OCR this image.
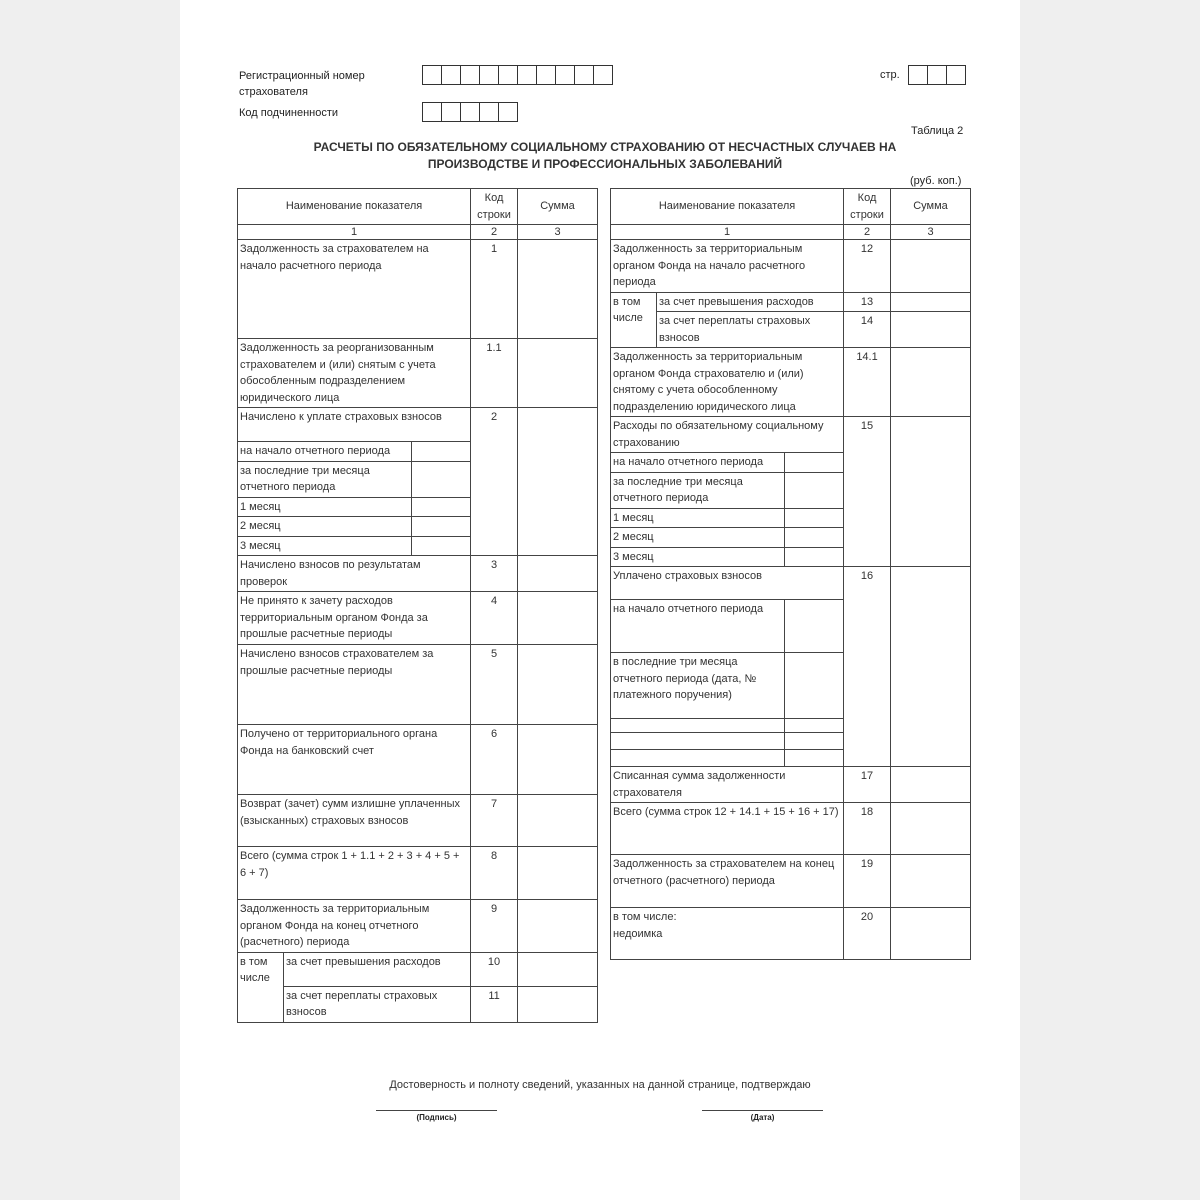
Регистрационный номер
страхователя
Код подчиненности
стр.
Таблица 2
РАСЧЕТЫ ПО ОБЯЗАТЕЛЬНОМУ СОЦИАЛЬНОМУ СТРАХОВАНИЮ ОТ НЕСЧАСТНЫХ СЛУЧАЕВ НА ПРОИЗВОДСТВЕ И ПРОФЕССИОНАЛЬНЫХ ЗАБОЛЕВАНИЙ
(руб. коп.)
Наименование показателя			Код строки	Сумма
1			2	3
Задолженность за страхователем на начало расчетного периода			1	
Задолженность за реорганизованным страхователем и (или) снятым с учета обособленным подразделением юридического лица			1.1	
Начислено к уплате страховых взносов			2	
на начало отчетного периода				
за последние три месяца отчетного периода				
1 месяц				
2 месяц				
3 месяц				
Начислено взносов по результатам проверок			3	
Не принято к зачету расходов территориальным органом Фонда за прошлые расчетные периоды			4	
Начислено взносов страхователем за прошлые расчетные периоды			5	
Получено от территориального органа Фонда на банковский счет			6	
Возврат (зачет) сумм излишне уплаченных (взысканных) страховых взносов			7	
Всего (сумма строк 1 + 1.1 + 2 + 3 + 4 + 5 + 6 + 7)			8	
Задолженность за территориальным органом Фонда на конец отчетного (расчетного) периода			9	
в том числе	за счет превышения расходов		10	
	за счет переплаты страховых взносов		11	
Наименование показателя			Код строки	Сумма
1			2	3
Задолженность за территориальным органом Фонда на начало расчетного периода			12	
в том числе	за счет превышения расходов		13	
	за счет переплаты страховых взносов		14	
Задолженность за территориальным органом Фонда страхователю и (или) снятому с учета обособленному подразделению юридического лица			14.1	
Расходы по обязательному социальному страхованию			15	
на начало отчетного периода				
за последние три месяца отчетного периода				
1 месяц				
2 месяц				
3 месяц				
Уплачено страховых взносов			16	
на начало отчетного периода				
в последние три месяца отчетного периода (дата, № платежного поручения)				

Списанная сумма задолженности страхователя			17	
Всего (сумма строк 12 + 14.1 + 15 + 16 + 17)			18	
Задолженность за страхователем на конец отчетного (расчетного) периода			19	
в том числе:
недоимка			20	
Достоверность и полноту сведений, указанных на данной странице, подтверждаю
(Подпись)	(Дата)
